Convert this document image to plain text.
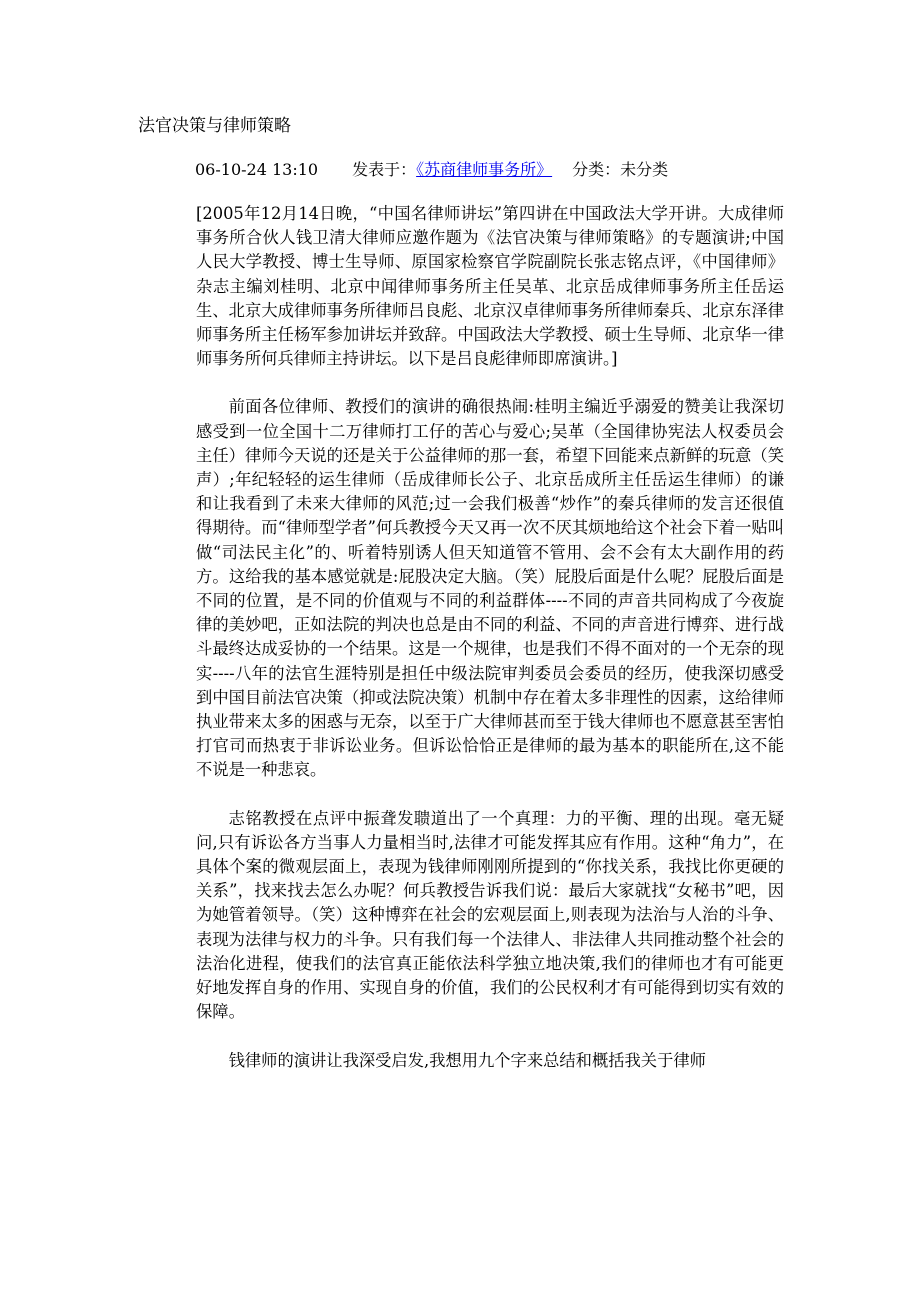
法官决策与律师策略
06-10-24 13:10 发表于：《苏商律师事务所》 分类：未分类

[2005年12月14日晚，“中国名律师讲坛”第四讲在中国政法大学开讲。大成律师事务所合伙人钱卫清大律师应邀作题为《法官决策与律师策略》的专题演讲;中国人民大学教授、博士生导师、原国家检察官学院副院长张志铭点评，《中国律师》杂志主编刘桂明、北京中闻律师事务所主任吴革、北京岳成律师事务所主任岳运生、北京大成律师事务所律师吕良彪、北京汉卓律师事务所律师秦兵、北京东泽律师事务所主任杨军参加讲坛并致辞。中国政法大学教授、硕士生导师、北京华一律师事务所何兵律师主持讲坛。以下是吕良彪律师即席演讲。]

前面各位律师、教授们的演讲的确很热闹:桂明主编近乎溺爱的赞美让我深切感受到一位全国十二万律师打工仔的苦心与爱心;吴革（全国律协宪法人权委员会主任）律师今天说的还是关于公益律师的那一套，希望下回能来点新鲜的玩意（笑声）;年纪轻轻的运生律师（岳成律师长公子、北京岳成所主任岳运生律师）的谦和让我看到了未来大律师的风范;过一会我们极善“炒作”的秦兵律师的发言还很值得期待。而“律师型学者”何兵教授今天又再一次不厌其烦地给这个社会下着一贴叫做“司法民主化”的、听着特别诱人但天知道管不管用、会不会有太大副作用的药方。这给我的基本感觉就是:屁股决定大脑。（笑）屁股后面是什么呢？屁股后面是不同的位置，是不同的价值观与不同的利益群体----不同的声音共同构成了今夜旋律的美妙吧，正如法院的判决也总是由不同的利益、不同的声音进行博弈、进行战斗最终达成妥协的一个结果。这是一个规律，也是我们不得不面对的一个无奈的现实----八年的法官生涯特别是担任中级法院审判委员会委员的经历，使我深切感受到中国目前法官决策（抑或法院决策）机制中存在着太多非理性的因素，这给律师执业带来太多的困惑与无奈，以至于广大律师甚而至于钱大律师也不愿意甚至害怕打官司而热衷于非诉讼业务。但诉讼恰恰正是律师的最为基本的职能所在,这不能不说是一种悲哀。

志铭教授在点评中振聋发聩道出了一个真理：力的平衡、理的出现。毫无疑问,只有诉讼各方当事人力量相当时,法律才可能发挥其应有作用。这种“角力”，在具体个案的微观层面上，表现为钱律师刚刚所提到的“你找关系，我找比你更硬的关系”，找来找去怎么办呢？何兵教授告诉我们说：最后大家就找“女秘书”吧，因为她管着领导。（笑）这种博弈在社会的宏观层面上,则表现为法治与人治的斗争、表现为法律与权力的斗争。只有我们每一个法律人、非法律人共同推动整个社会的法治化进程，使我们的法官真正能依法科学独立地决策,我们的律师也才有可能更好地发挥自身的作用、实现自身的价值，我们的公民权利才有可能得到切实有效的保障。

钱律师的演讲让我深受启发,我想用九个字来总结和概括我关于律师
